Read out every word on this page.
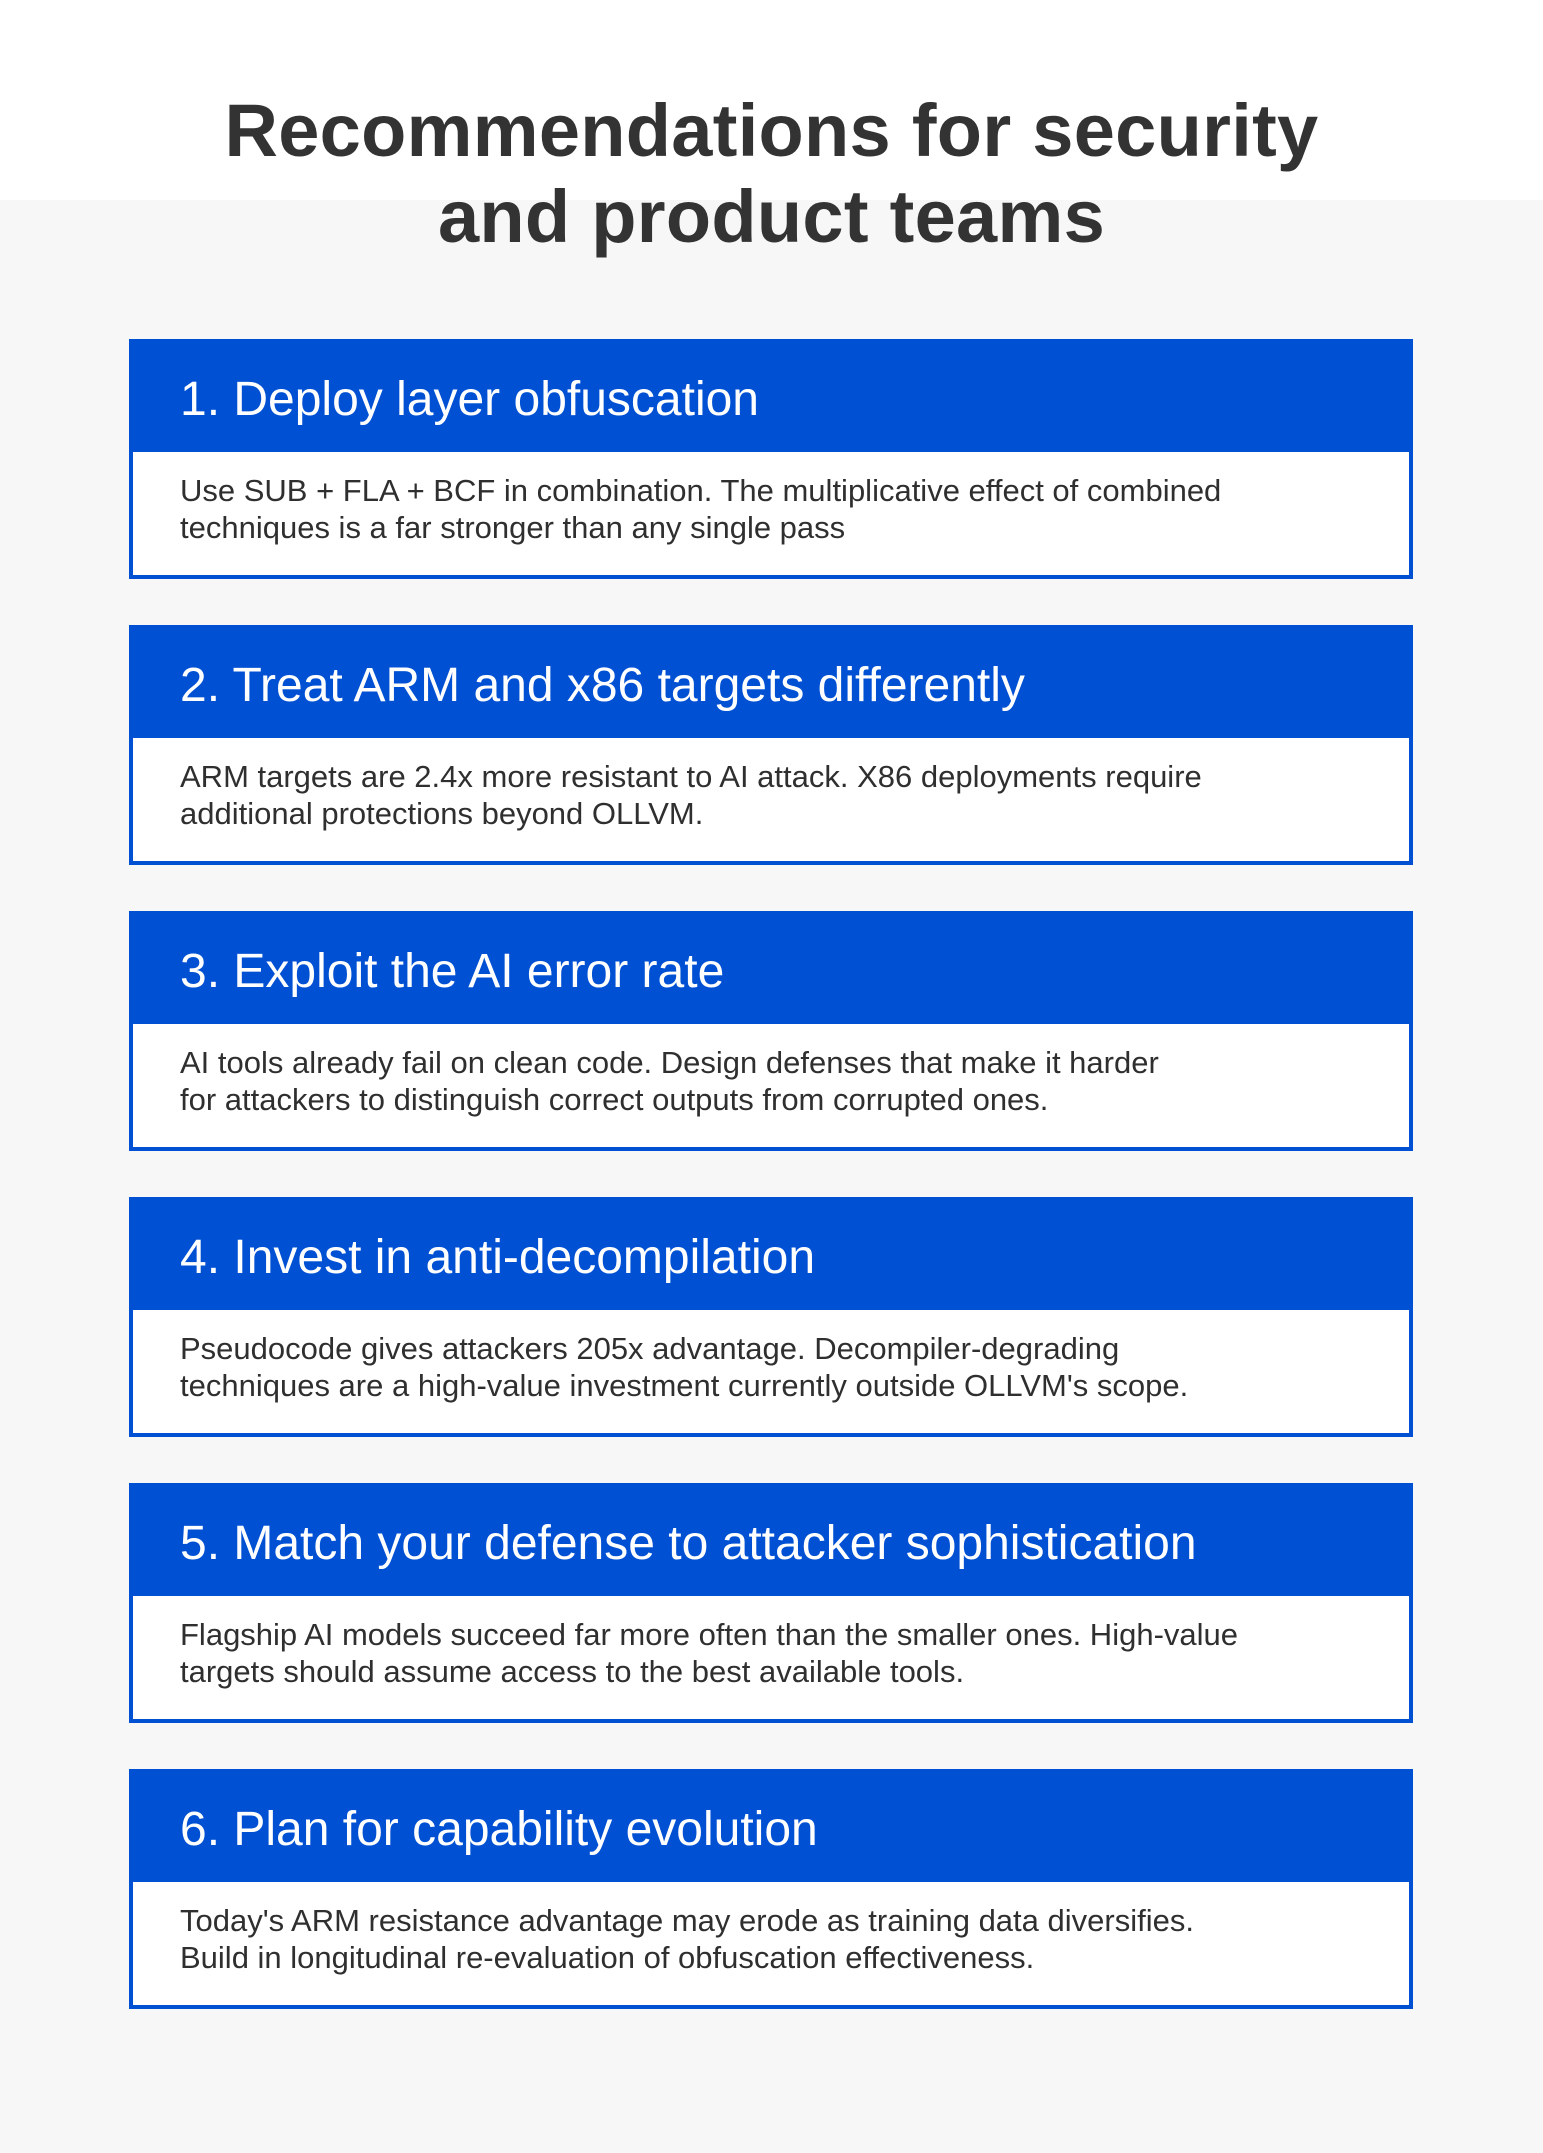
Recommendations for security
and product teams
1. Deploy layer obfuscation
Use SUB + FLA + BCF in combination. The multiplicative effect of combined
techniques is a far stronger than any single pass
2. Treat ARM and x86 targets differently
ARM targets are 2.4x more resistant to AI attack. X86 deployments require
additional protections beyond OLLVM.
3. Exploit the AI error rate
AI tools already fail on clean code. Design defenses that make it harder
for attackers to distinguish correct outputs from corrupted ones.
4. Invest in anti-decompilation
Pseudocode gives attackers 205x advantage. Decompiler-degrading
techniques are a high-value investment currently outside OLLVM's scope.
5. Match your defense to attacker sophistication
Flagship AI models succeed far more often than the smaller ones. High-value
targets should assume access to the best available tools.
6. Plan for capability evolution
Today's ARM resistance advantage may erode as training data diversifies.
Build in longitudinal re-evaluation of obfuscation effectiveness.
